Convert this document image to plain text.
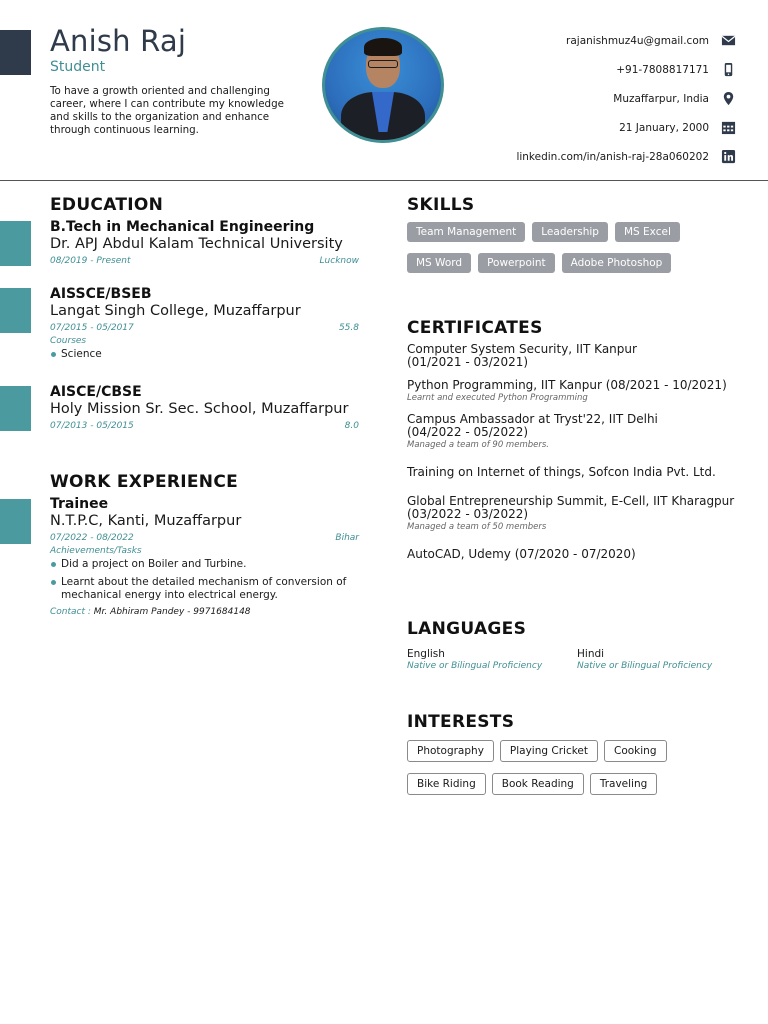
Anish Raj
Student
To have a growth oriented and challenging career, where I can contribute my knowledge and skills to the organization and enhance through continuous learning.
rajanishmuz4u@gmail.com
+91-7808817171
Muzaffarpur, India
21 January, 2000
linkedin.com/in/anish-raj-28a060202
EDUCATION
B.Tech in Mechanical Engineering
Dr. APJ Abdul Kalam Technical University
08/2019 - Present	Lucknow
AISSCE/BSEB
Langat Singh College, Muzaffarpur
07/2015 - 05/2017	55.8
Courses
Science
AISCE/CBSE
Holy Mission Sr. Sec. School, Muzaffarpur
07/2013 - 05/2015	8.0
WORK EXPERIENCE
Trainee
N.T.P.C, Kanti, Muzaffarpur
07/2022 - 08/2022	Bihar
Achievements/Tasks
Did a project on Boiler and Turbine.
Learnt about the detailed mechanism of conversion of mechanical energy into electrical energy.
Contact : Mr. Abhiram Pandey - 9971684148
SKILLS
Team Management	Leadership	MS Excel
MS Word	Powerpoint	Adobe Photoshop
CERTIFICATES
Computer System Security, IIT Kanpur
(01/2021 - 03/2021)
Python Programming, IIT Kanpur (08/2021 - 10/2021)
Learnt and executed Python Programming
Campus Ambassador at Tryst'22, IIT Delhi
(04/2022 - 05/2022)
Managed a team of 90 members.
Training on Internet of things, Sofcon India Pvt. Ltd.
Global Entrepreneurship Summit, E-Cell, IIT Kharagpur
(03/2022 - 03/2022)
Managed a team of 50 members
AutoCAD, Udemy (07/2020 - 07/2020)
LANGUAGES
English
Native or Bilingual Proficiency
Hindi
Native or Bilingual Proficiency
INTERESTS
Photography	Playing Cricket	Cooking
Bike Riding	Book Reading	Traveling
